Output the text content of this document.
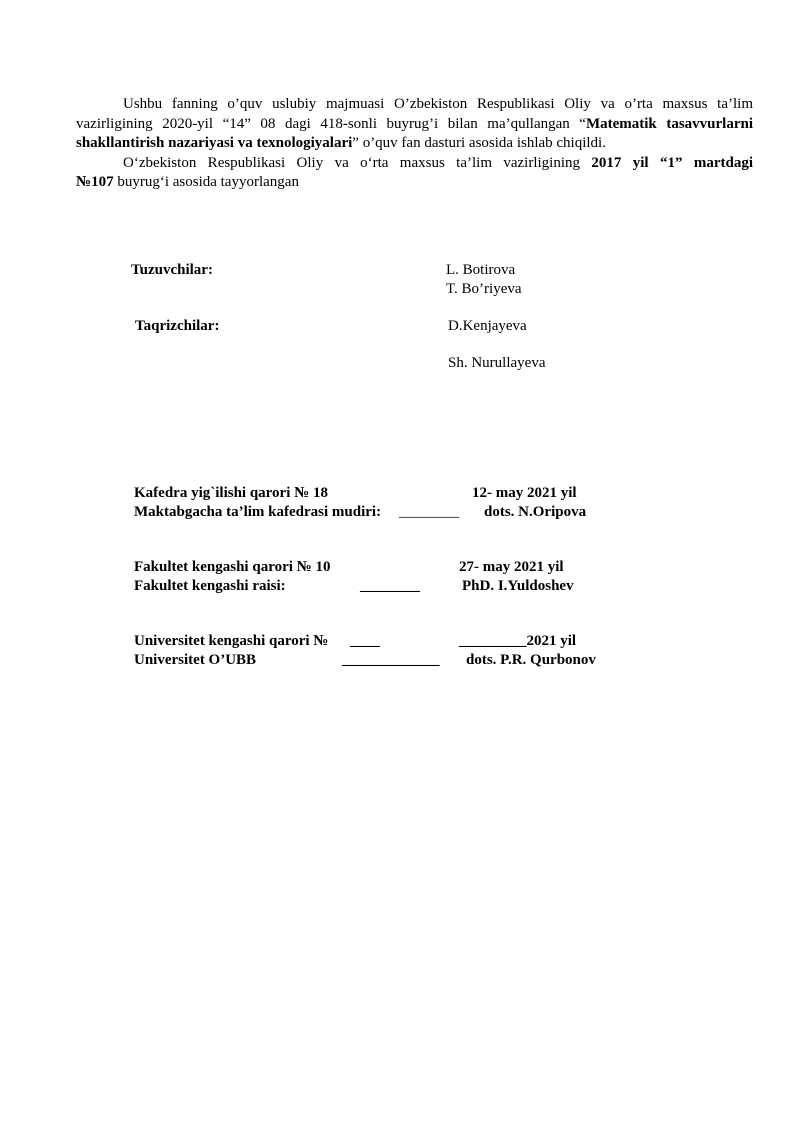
Ushbu fanning o’quv uslubiy majmuasi O’zbekiston Respublikasi Oliy va o’rta maxsus ta’lim
vazirligining 2020-yil “14” 08 dagi 418-sonli buyrug’i bilan ma’qullangan “Matematik tasavvurlarni
shakllantirish nazariyasi va texnologiyalari” o’quv fan dasturi asosida ishlab chiqildi.
O‘zbekiston Respublikasi Oliy va o‘rta maxsus ta’lim vazirligining 2017 yil “1” martdagi
№107 buyrug‘i asosida tayyorlangan
Tuzuvchilar:	L. Botirova
T. Bo’riyeva
Taqrizchilar:	D.Kenjayeva
Sh. Nurullayeva
Kafedra yig`ilishi qarori № 18	12- may 2021 yil
Maktabgacha ta’lim kafedrasi mudiri: ________ dots. N.Oripova
Fakultet kengashi qarori № 10	27- may 2021 yil
Fakultet kengashi raisi:	________	PhD. I.Yuldoshev
Universitet kengashi qarori № ____	_________2021 yil
Universitet O’UBB	_____________ dots. P.R. Qurbonov
